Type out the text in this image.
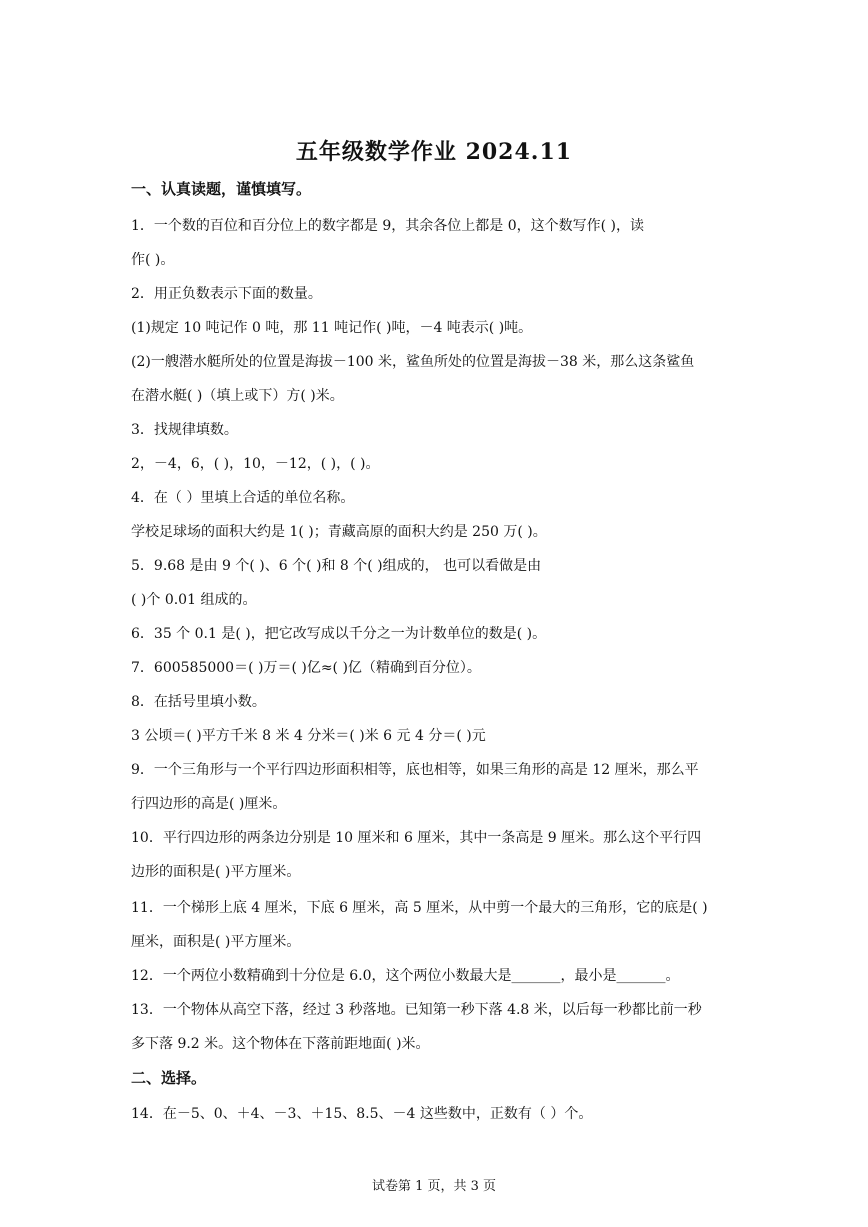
五年级数学作业 2024.11
一、认真读题，谨慎填写。
1．一个数的百位和百分位上的数字都是 9，其余各位上都是 0，这个数写作( )，读
作( )。
2．用正负数表示下面的数量。
(1)规定 10 吨记作 0 吨，那 11 吨记作( )吨，－4 吨表示( )吨。
(2)一艘潜水艇所处的位置是海拔－100 米，鲨鱼所处的位置是海拔－38 米，那么这条鲨鱼
在潜水艇( )（填上或下）方( )米。
3．找规律填数。
2，－4，6，( )，10，－12，( )，( )。
4．在（ ）里填上合适的单位名称。
学校足球场的面积大约是 1( )；青藏高原的面积大约是 250 万( )。
5．9.68 是由 9 个( )、6 个( )和 8 个( )组成的， 也可以看做是由
( )个 0.01 组成的。
6．35 个 0.1 是( )，把它改写成以千分之一为计数单位的数是( )。
7．600585000＝( )万＝( )亿≈( )亿（精确到百分位）。
8．在括号里填小数。
3 公顷＝( )平方千米 8 米 4 分米＝( )米 6 元 4 分＝( )元
9．一个三角形与一个平行四边形面积相等，底也相等，如果三角形的高是 12 厘米，那么平
行四边形的高是( )厘米。
10．平行四边形的两条边分别是 10 厘米和 6 厘米，其中一条高是 9 厘米。那么这个平行四
边形的面积是( )平方厘米。
11．一个梯形上底 4 厘米，下底 6 厘米，高 5 厘米，从中剪一个最大的三角形，它的底是( )
厘米，面积是( )平方厘米。
12．一个两位小数精确到十分位是 6.0，这个两位小数最大是_______，最小是_______。
13．一个物体从高空下落，经过 3 秒落地。已知第一秒下落 4.8 米，以后每一秒都比前一秒
多下落 9.2 米。这个物体在下落前距地面( )米。
二、选择。
14．在－5、0、＋4、－3、＋15、8.5、－4 这些数中，正数有（ ）个。
试卷第 1 页，共 3 页
